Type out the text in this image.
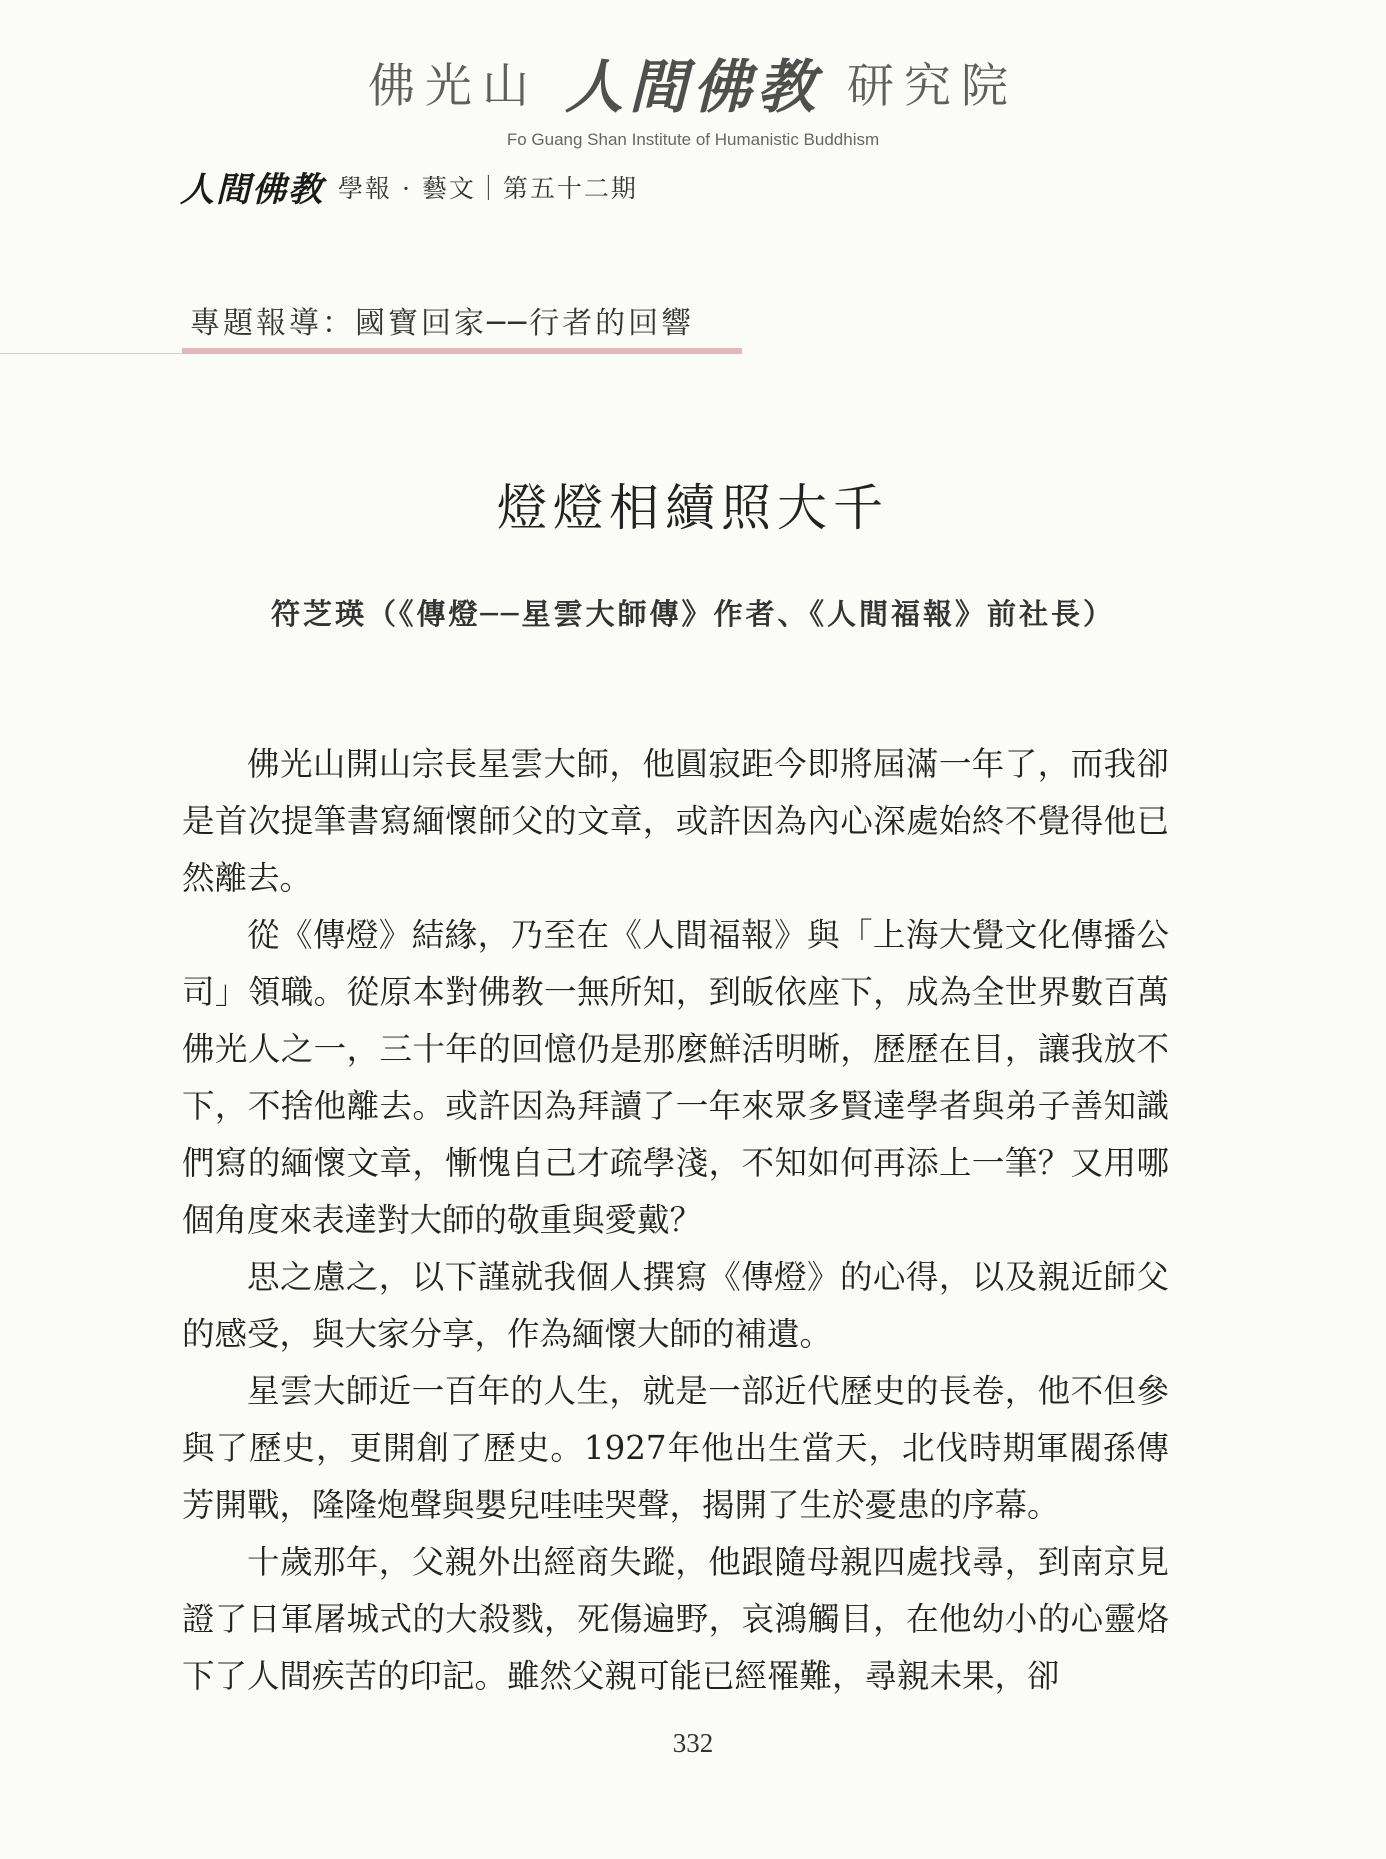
佛光山 人間佛教 研究院
Fo Guang Shan Institute of Humanistic Buddhism
人間佛教 學報 · 藝文｜第五十二期
專題報導：國寶回家──行者的回響
燈燈相續照大千
符芝瑛（《傳燈──星雲大師傳》作者、《人間福報》前社長）

佛光山開山宗長星雲大師，他圓寂距今即將屆滿一年了，而我卻是首次提筆書寫緬懷師父的文章，或許因為內心深處始終不覺得他已然離去。

從《傳燈》結緣，乃至在《人間福報》與「上海大覺文化傳播公司」領職。從原本對佛教一無所知，到皈依座下，成為全世界數百萬佛光人之一，三十年的回憶仍是那麼鮮活明晰，歷歷在目，讓我放不下，不捨他離去。或許因為拜讀了一年來眾多賢達學者與弟子善知識們寫的緬懷文章，慚愧自己才疏學淺，不知如何再添上一筆？又用哪個角度來表達對大師的敬重與愛戴？

思之慮之，以下謹就我個人撰寫《傳燈》的心得，以及親近師父的感受，與大家分享，作為緬懷大師的補遺。

星雲大師近一百年的人生，就是一部近代歷史的長卷，他不但參與了歷史，更開創了歷史。1927年他出生當天，北伐時期軍閥孫傳芳開戰，隆隆炮聲與嬰兒哇哇哭聲，揭開了生於憂患的序幕。

十歲那年，父親外出經商失蹤，他跟隨母親四處找尋，到南京見證了日軍屠城式的大殺戮，死傷遍野，哀鴻觸目，在他幼小的心靈烙下了人間疾苦的印記。雖然父親可能已經罹難，尋親未果，卻

332
